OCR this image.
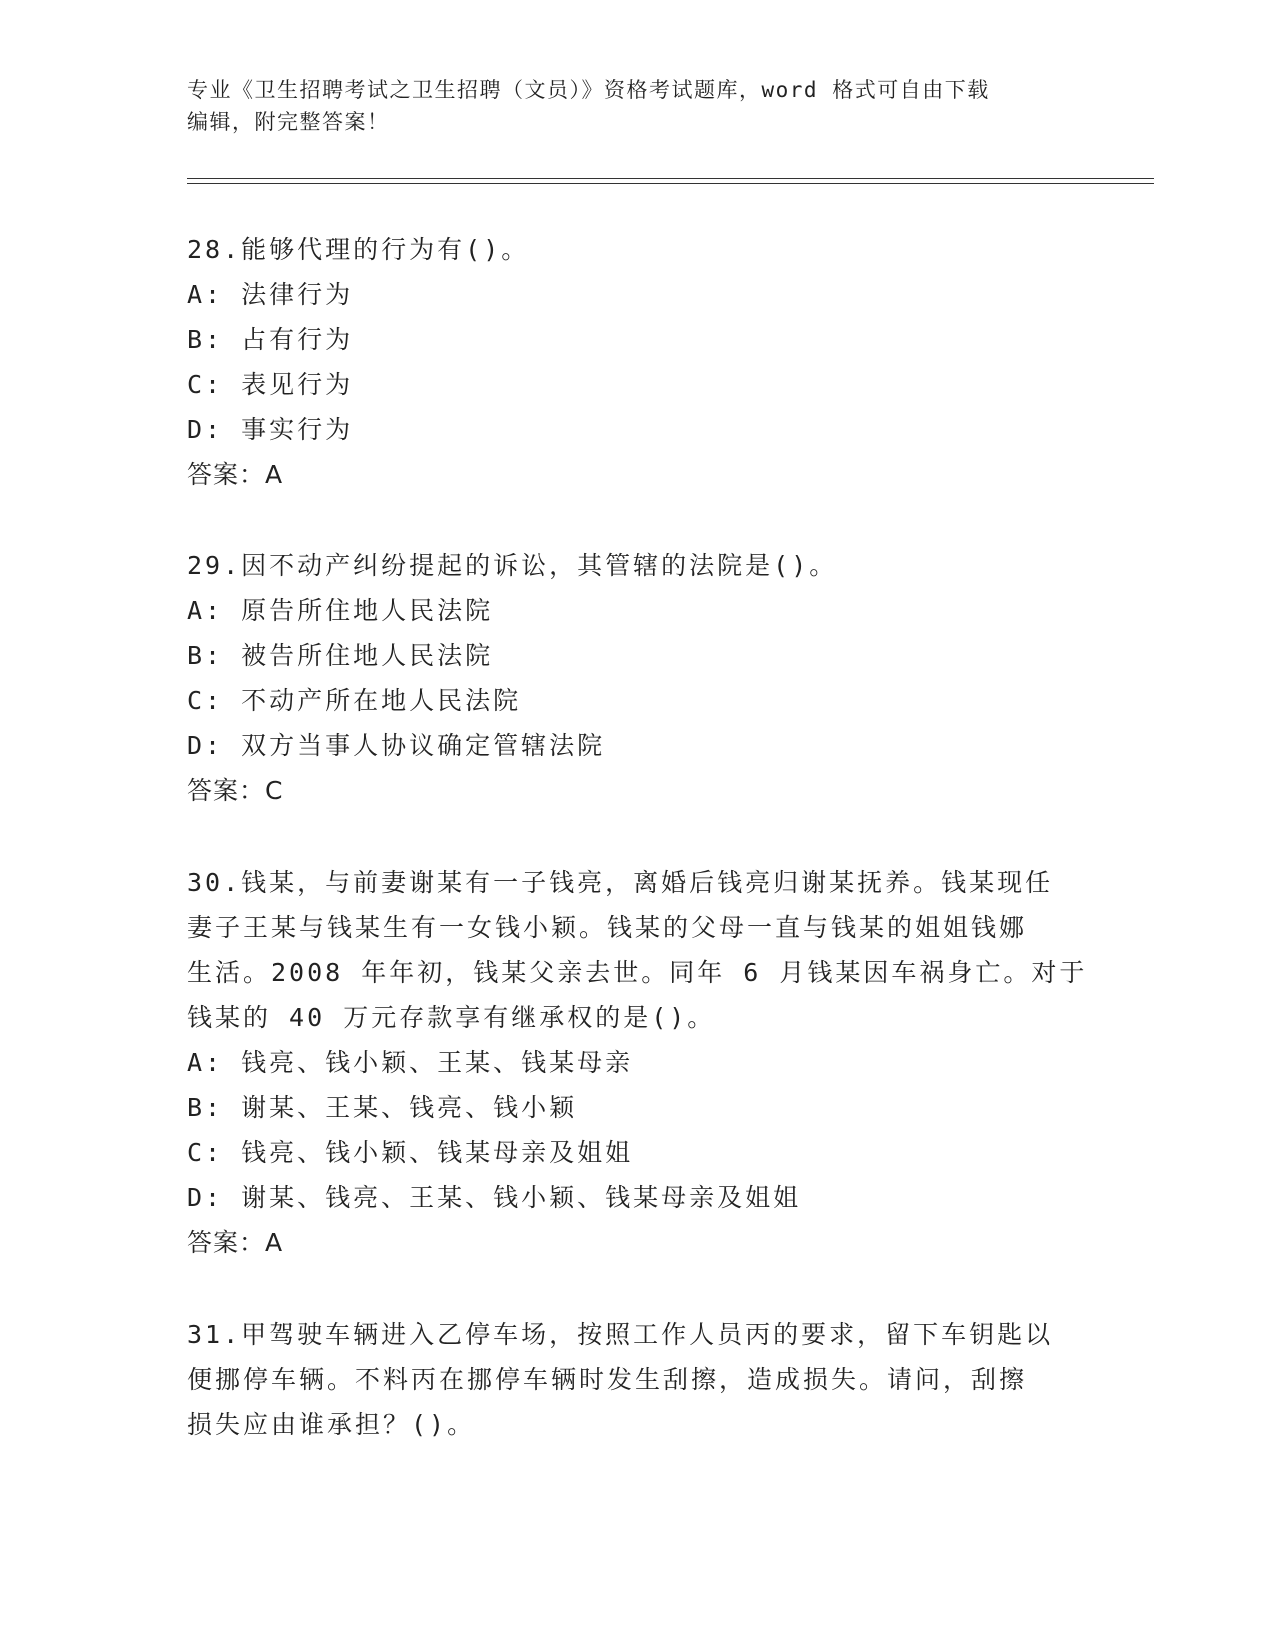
专业《卫生招聘考试之卫生招聘（文员）》资格考试题库，word 格式可自由下载
编辑，附完整答案！
28.能够代理的行为有()。
A: 法律行为
B: 占有行为
C: 表见行为
D: 事实行为
答案：A
29.因不动产纠纷提起的诉讼，其管辖的法院是()。
A: 原告所住地人民法院
B: 被告所住地人民法院
C: 不动产所在地人民法院
D: 双方当事人协议确定管辖法院
答案：C
30.钱某，与前妻谢某有一子钱亮，离婚后钱亮归谢某抚养。钱某现任
妻子王某与钱某生有一女钱小颖。钱某的父母一直与钱某的姐姐钱娜
生活。2008 年年初，钱某父亲去世。同年 6 月钱某因车祸身亡。对于
钱某的 40 万元存款享有继承权的是()。
A: 钱亮、钱小颖、王某、钱某母亲
B: 谢某、王某、钱亮、钱小颖
C: 钱亮、钱小颖、钱某母亲及姐姐
D: 谢某、钱亮、王某、钱小颖、钱某母亲及姐姐
答案：A
31.甲驾驶车辆进入乙停车场，按照工作人员丙的要求，留下车钥匙以
便挪停车辆。不料丙在挪停车辆时发生刮擦，造成损失。请问，刮擦
损失应由谁承担？()。
